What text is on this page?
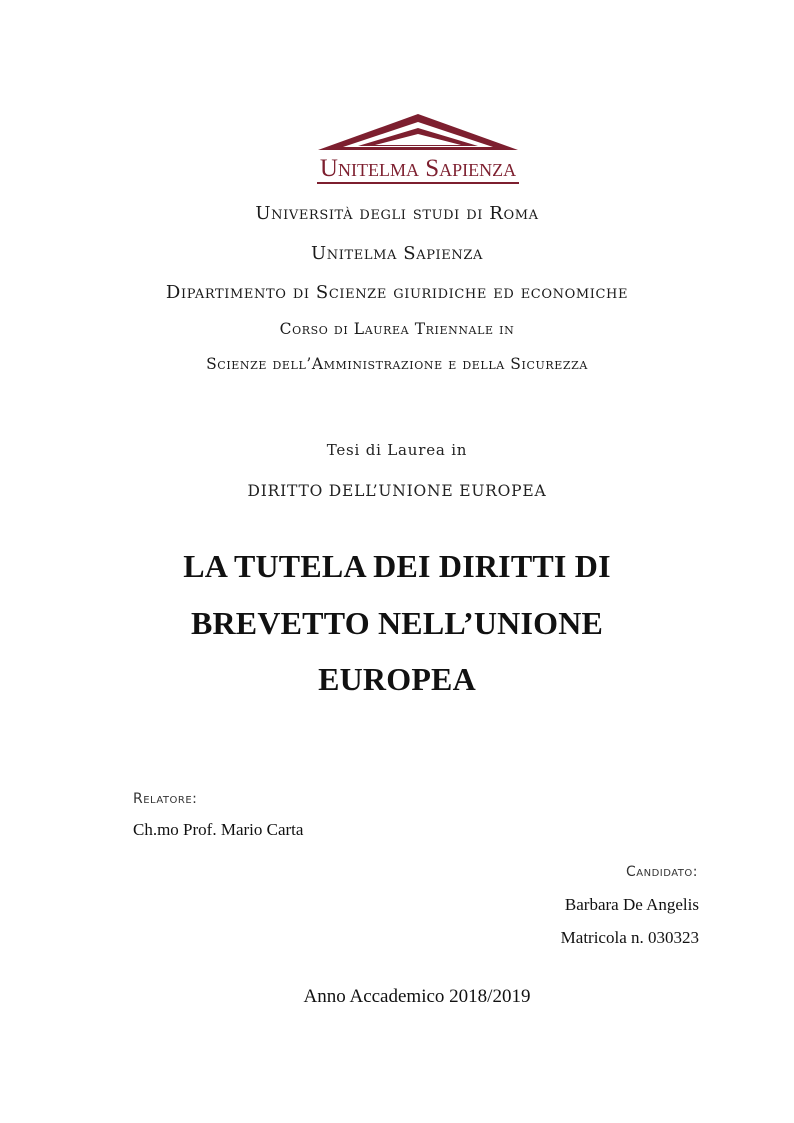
Unitelma Sapienza
Università degli studi di Roma
Unitelma Sapienza
Dipartimento di Scienze giuridiche ed economiche
Corso di Laurea Triennale in
Scienze dell’Amministrazione e della Sicurezza
Tesi di Laurea in
DIRITTO DELL’UNIONE EUROPEA
LA TUTELA DEI DIRITTI DI
BREVETTO NELL’UNIONE
EUROPEA
Relatore:
Ch.mo Prof. Mario Carta
Candidato:
Barbara De Angelis
Matricola n. 030323
Anno Accademico 2018/2019
